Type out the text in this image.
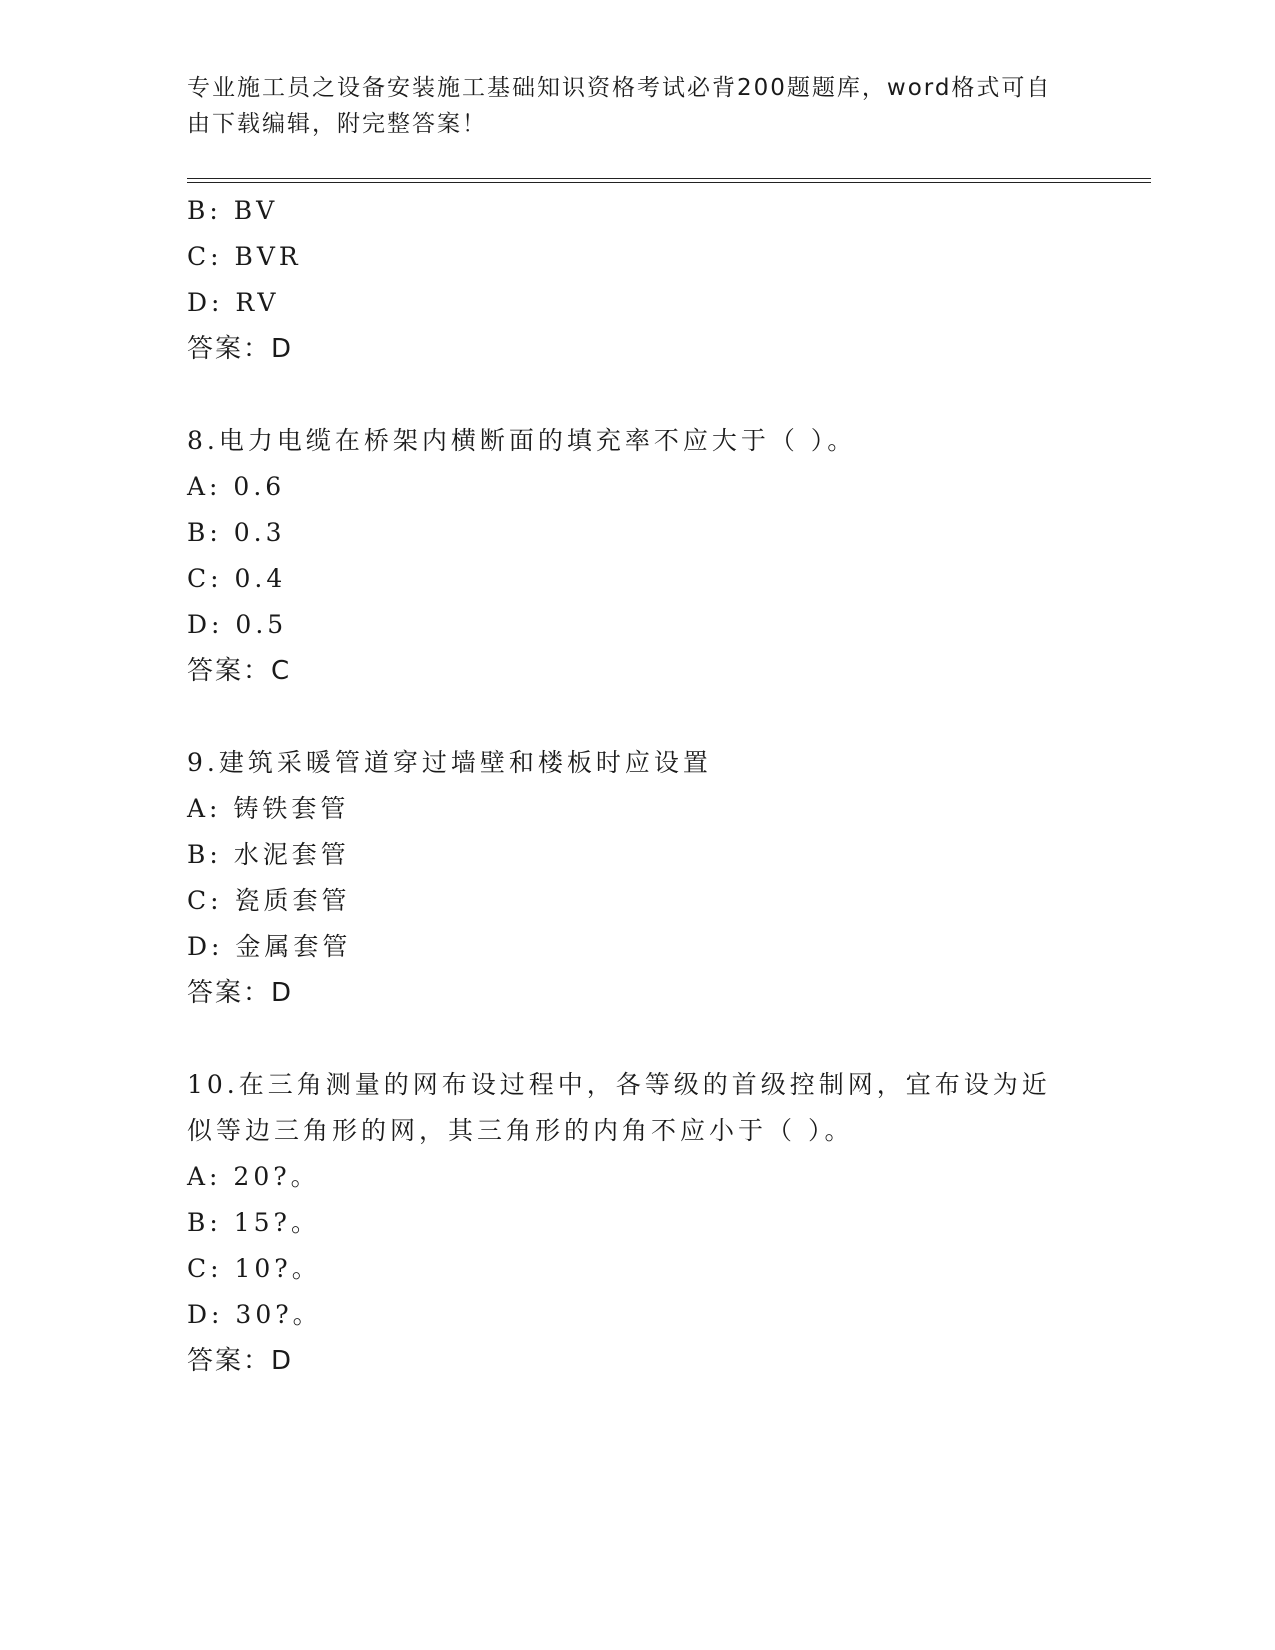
专业施工员之设备安装施工基础知识资格考试必背200题题库，word格式可自由下载编辑，附完整答案！
B: BV
C: BVR
D: RV
答案：D
8.电力电缆在桥架内横断面的填充率不应大于（ ）。
A: 0.6
B: 0.3
C: 0.4
D: 0.5
答案：C
9.建筑采暖管道穿过墙壁和楼板时应设置
A: 铸铁套管
B: 水泥套管
C: 瓷质套管
D: 金属套管
答案：D
10.在三角测量的网布设过程中，各等级的首级控制网，宜布设为近似等边三角形的网，其三角形的内角不应小于（ ）。
A: 20?。
B: 15?。
C: 10?。
D: 30?。
答案：D
